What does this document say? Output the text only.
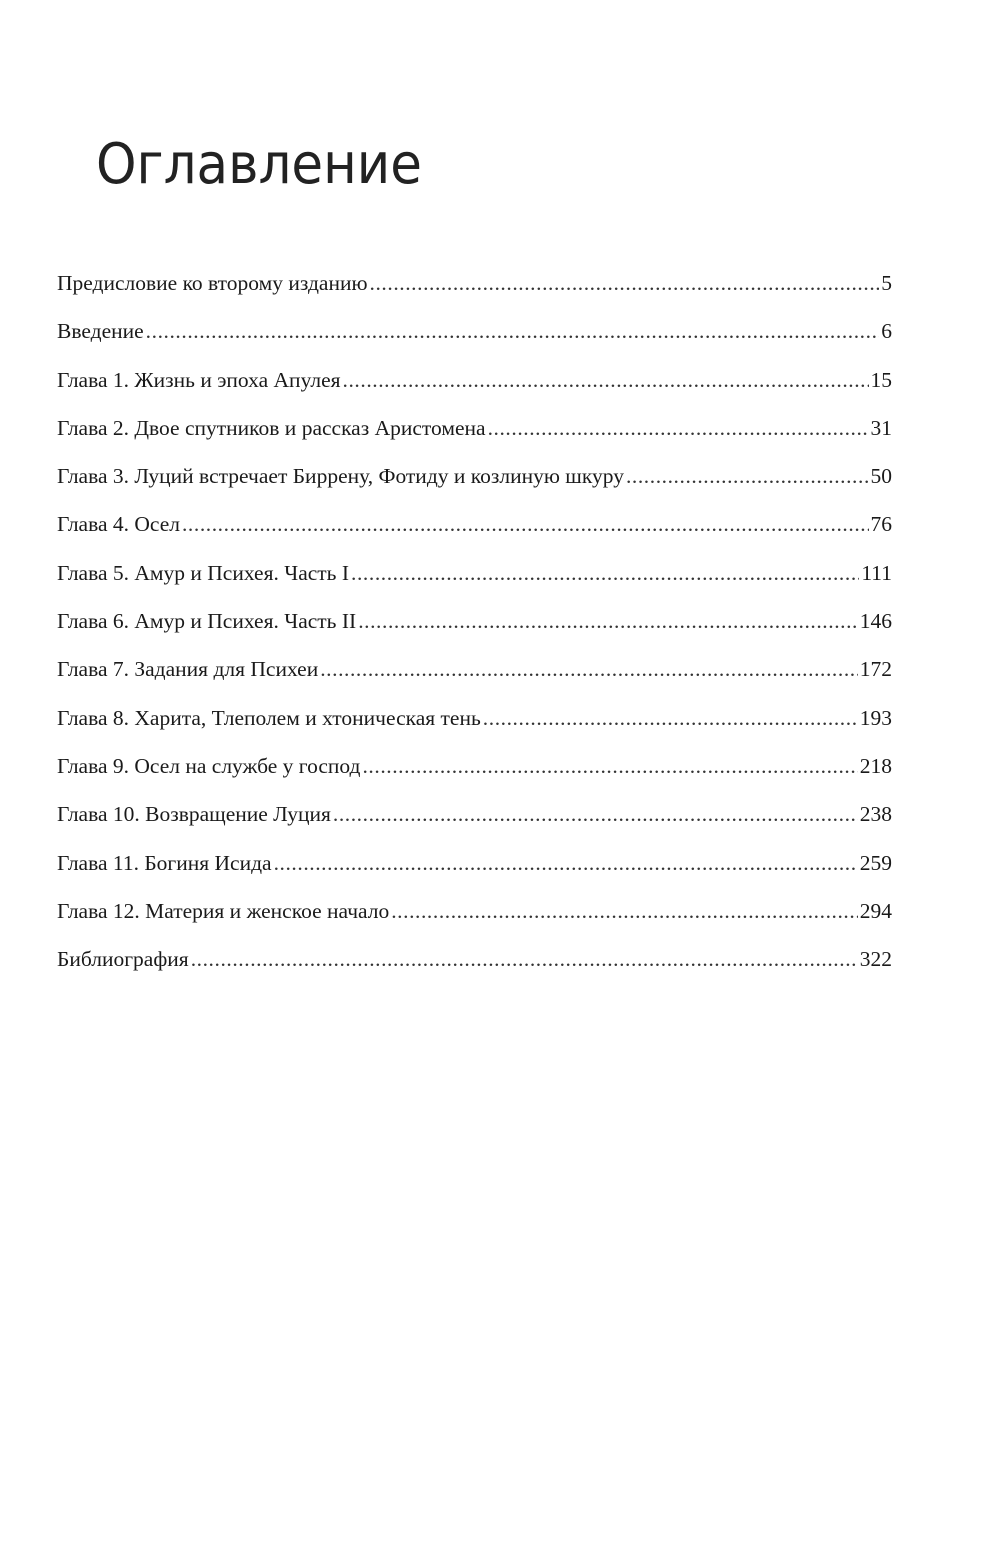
Оглавление
Предисловие ко второму изданию . . .	5
Введение . . .	6
Глава 1. Жизнь и эпоха Апулея . . .	15
Глава 2. Двое спутников и рассказ Аристомена . . .	31
Глава 3. Луций встречает Биррену, Фотиду и козлиную шкуру . . .	50
Глава 4. Осел . . .	76
Глава 5. Амур и Психея. Часть I . . .	111
Глава 6. Амур и Психея. Часть II . . .	146
Глава 7. Задания для Психеи . . .	172
Глава 8. Харита, Тлеполем и хтоническая тень . . .	193
Глава 9. Осел на службе у господ . . .	218
Глава 10. Возвращение Луция . . .	238
Глава 11. Богиня Исида . . .	259
Глава 12. Материя и женское начало . . .	294
Библиография . . .	322
